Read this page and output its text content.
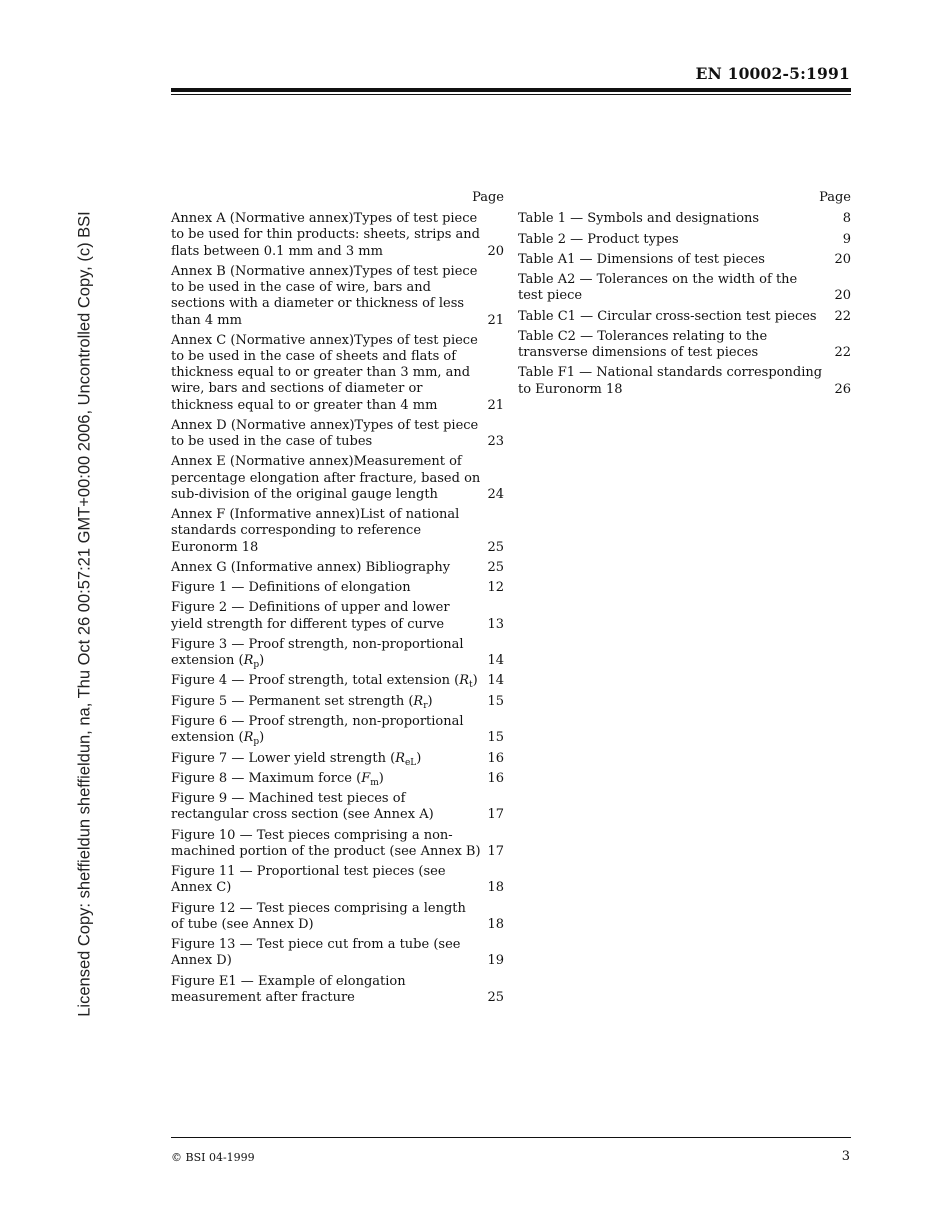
EN 10002-5:1991
Licensed Copy: sheffieldun sheffieldun, na, Thu Oct 26 00:57:21 GMT+00:00 2006, Uncontrolled Copy, (c) BSI
Page
Annex A (Normative annex)Types of test piece to be used for thin products: sheets, strips and flats between 0.1 mm and 3 mm	20
Annex B (Normative annex)Types of test piece to be used in the case of wire, bars and sections with a diameter or thickness of less than 4 mm	21
Annex C (Normative annex)Types of test piece to be used in the case of sheets and flats of thickness equal to or greater than 3 mm, and wire, bars and sections of diameter or thickness equal to or greater than 4 mm	21
Annex D (Normative annex)Types of test piece to be used in the case of tubes	23
Annex E (Normative annex)Measurement of percentage elongation after fracture, based on sub-division of the original gauge length	24
Annex F (Informative annex)List of national standards corresponding to reference Euronorm 18	25
Annex G (Informative annex) Bibliography	25
Figure 1 — Definitions of elongation	12
Figure 2 — Definitions of upper and lower yield strength for different types of curve	13
Figure 3 — Proof strength, non-proportional extension $(R_p)$	14
Figure 4 — Proof strength, total extension $(R_t)$ 14
Figure 5 — Permanent set strength $(R_r)$	15
Figure 6 — Proof strength, non-proportional extension $(R_p)$	15
Figure 7 — Lower yield strength $(R_{eL})$	16
Figure 8 — Maximum force $(F_m)$	16
Figure 9 — Machined test pieces of rectangular cross section (see Annex A)	17
Figure 10 — Test pieces comprising a non-machined portion of the product (see Annex B) 17
Figure 11 — Proportional test pieces (see Annex C)	18
Figure 12 — Test pieces comprising a length of tube (see Annex D)	18
Figure 13 — Test piece cut from a tube (see Annex D)	19
Figure E1 — Example of elongation measurement after fracture	25
Page
Table 1 — Symbols and designations	8
Table 2 — Product types	9
Table A1 — Dimensions of test pieces	20
Table A2 — Tolerances on the width of the test piece	20
Table C1 — Circular cross-section test pieces	22
Table C2 — Tolerances relating to the transverse dimensions of test pieces	22
Table F1 — National standards corresponding to Euronorm 18	26
© BSI 04-1999	3
